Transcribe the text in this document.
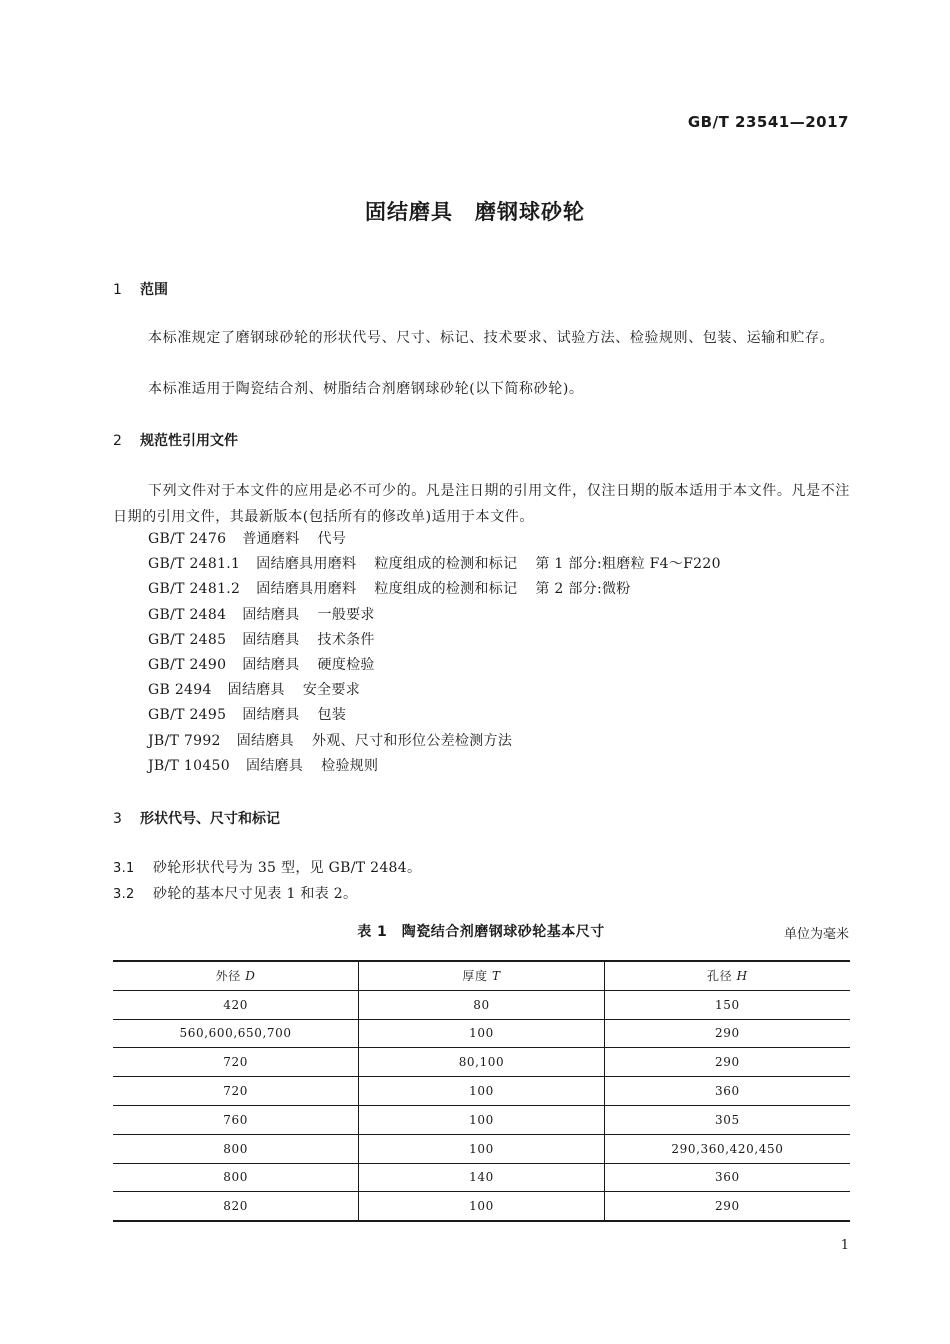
GB/T 23541—2017
固结磨具　磨钢球砂轮
1 范围
本标准规定了磨钢球砂轮的形状代号、尺寸、标记、技术要求、试验方法、检验规则、包装、运输和贮存。
本标准适用于陶瓷结合剂、树脂结合剂磨钢球砂轮(以下简称砂轮)。
2 规范性引用文件
下列文件对于本文件的应用是必不可少的。凡是注日期的引用文件，仅注日期的版本适用于本文件。凡是不注日期的引用文件，其最新版本(包括所有的修改单)适用于本文件。
GB/T 2476 普通磨料 代号
GB/T 2481.1 固结磨具用磨料 粒度组成的检测和标记 第 1 部分:粗磨粒 F4～F220
GB/T 2481.2 固结磨具用磨料 粒度组成的检测和标记 第 2 部分:微粉
GB/T 2484 固结磨具 一般要求
GB/T 2485 固结磨具 技术条件
GB/T 2490 固结磨具 硬度检验
GB 2494 固结磨具 安全要求
GB/T 2495 固结磨具 包装
JB/T 7992 固结磨具 外观、尺寸和形位公差检测方法
JB/T 10450 固结磨具 检验规则
3 形状代号、尺寸和标记
3.1 砂轮形状代号为 35 型，见 GB/T 2484。
3.2 砂轮的基本尺寸见表 1 和表 2。
表 1　陶瓷结合剂磨钢球砂轮基本尺寸	单位为毫米
外径 D	厚度 T	孔径 H
420	80	150
560,600,650,700	100	290
720	80,100	290
720	100	360
760	100	305
800	100	290,360,420,450
800	140	360
820	100	290
1
